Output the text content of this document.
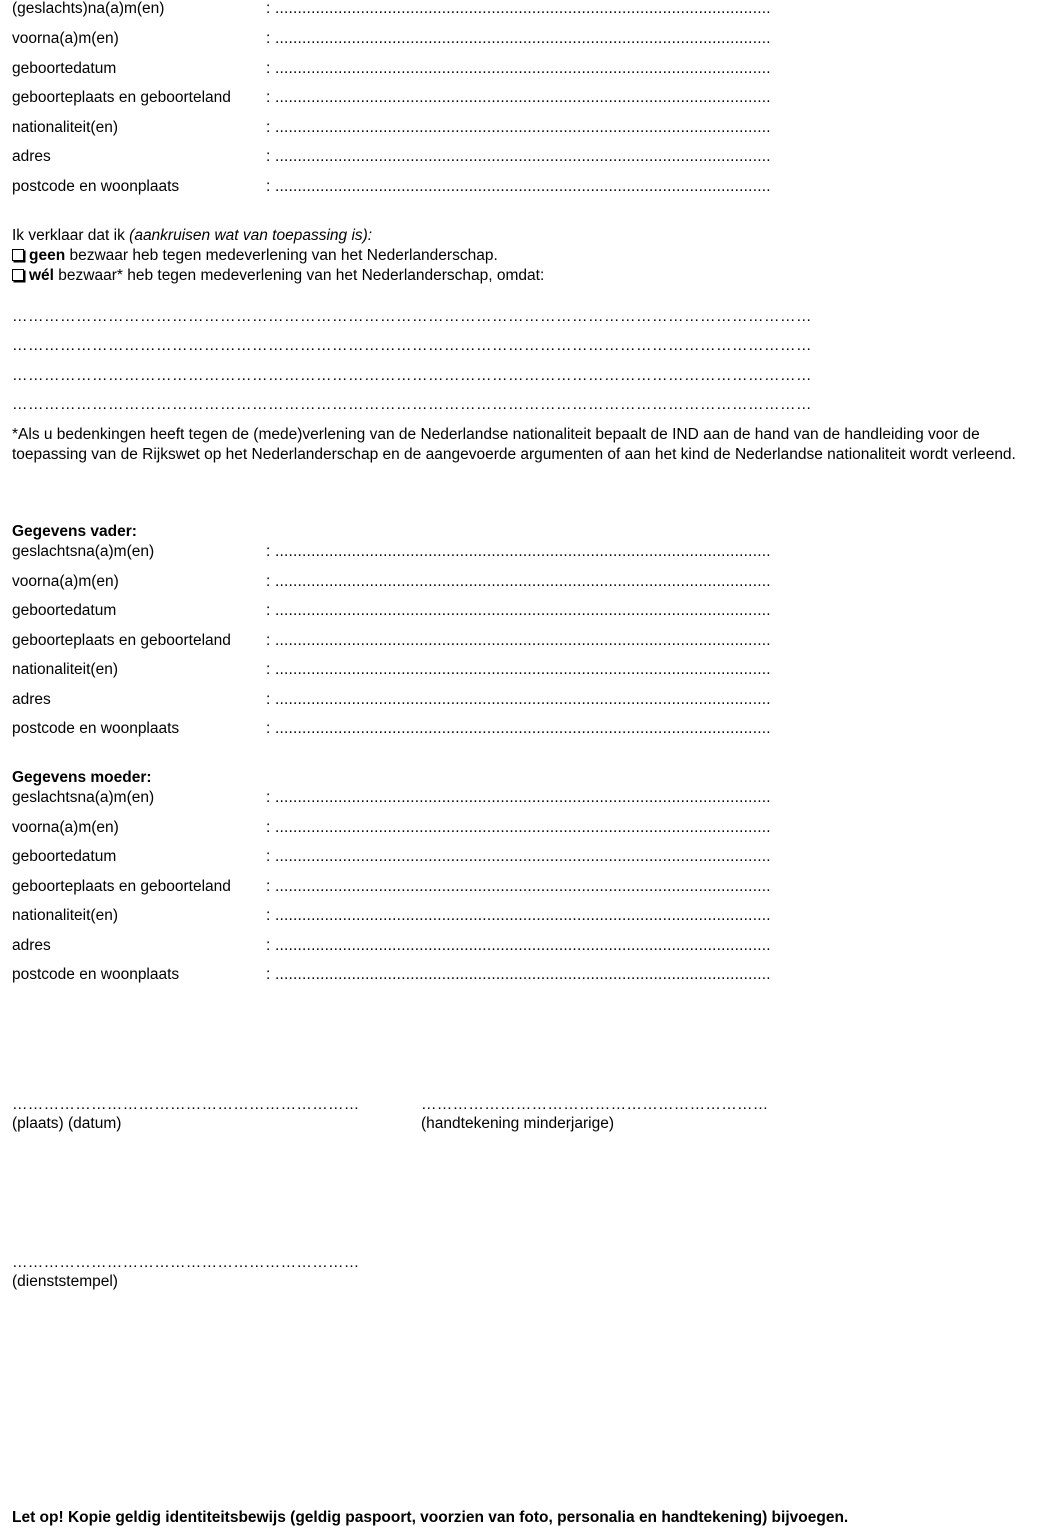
(geslachts)na(a)m(en)	: ..............................................................................................................
voorna(a)m(en)	: ..............................................................................................................
geboortedatum	: ..............................................................................................................
geboorteplaats en geboorteland : ..............................................................................................................
nationaliteit(en)	: ..............................................................................................................
adres	: ..............................................................................................................
postcode en woonplaats	: ..............................................................................................................
Ik verklaar dat ik (aankruisen wat van toepassing is):
geen bezwaar heb tegen medeverlening van het Nederlanderschap.
wél bezwaar* heb tegen medeverlening van het Nederlanderschap, omdat:
……………………………………………………………………………………………………………………………………
……………………………………………………………………………………………………………………………………
……………………………………………………………………………………………………………………………………
……………………………………………………………………………………………………………………………………
*Als u bedenkingen heeft tegen de (mede)verlening van de Nederlandse nationaliteit bepaalt de IND aan de hand van de handleiding voor de toepassing van de Rijkswet op het Nederlanderschap en de aangevoerde argumenten of aan het kind de Nederlandse nationaliteit wordt verleend.
Gegevens vader:
geslachtsna(a)m(en)	: ..............................................................................................................
voorna(a)m(en)	: ..............................................................................................................
geboortedatum	: ..............................................................................................................
geboorteplaats en geboorteland : ..............................................................................................................
nationaliteit(en)	: ..............................................................................................................
adres	: ..............................................................................................................
postcode en woonplaats	: ..............................................................................................................
Gegevens moeder:
geslachtsna(a)m(en)	: ..............................................................................................................
voorna(a)m(en)	: ..............................................................................................................
geboortedatum	: ..............................................................................................................
geboorteplaats en geboorteland : ..............................................................................................................
nationaliteit(en)	: ..............................................................................................................
adres	: ..............................................................................................................
postcode en woonplaats	: ..............................................................................................................
…………………………………………………………
(plaats) (datum)
…………………………………………………………
(handtekening minderjarige)
…………………………………………………………
(dienststempel)
Let op! Kopie geldig identiteitsbewijs (geldig paspoort, voorzien van foto, personalia en handtekening) bijvoegen.
